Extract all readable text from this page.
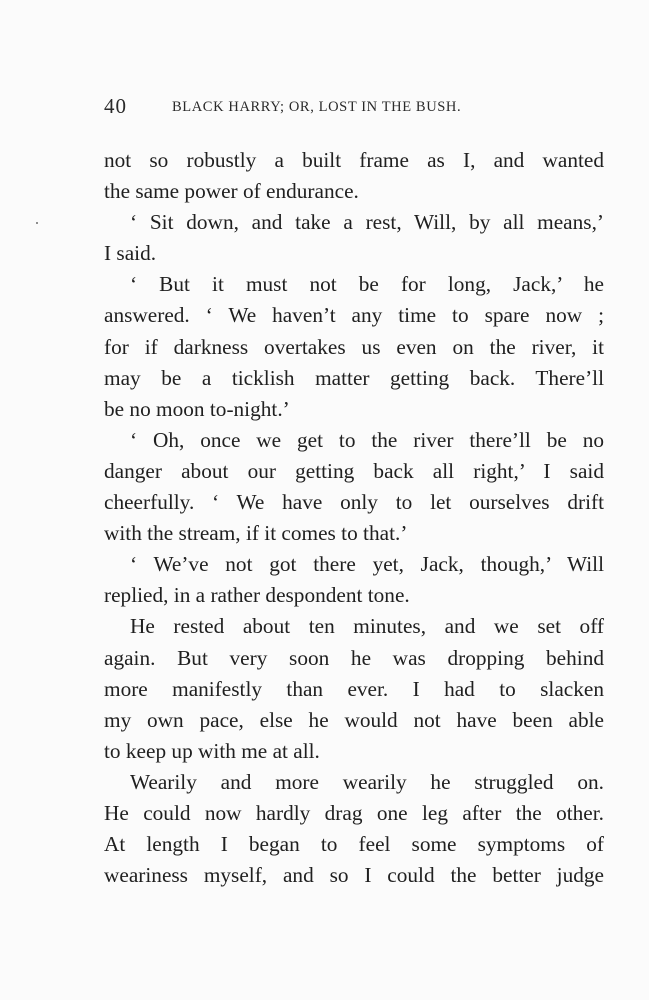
40	BLACK HARRY; OR, LOST IN THE BUSH.
not so robustly a built frame as I, and wanted
the same power of endurance.
‘ Sit down, and take a rest, Will, by all means,’
I said.
‘ But it must not be for long, Jack,’ he
answered. ‘ We haven’t any time to spare now ;
for if darkness overtakes us even on the river, it
may be a ticklish matter getting back. There’ll
be no moon to-night.’
‘ Oh, once we get to the river there’ll be no
danger about our getting back all right,’ I said
cheerfully. ‘ We have only to let ourselves drift
with the stream, if it comes to that.’
‘ We’ve not got there yet, Jack, though,’ Will
replied, in a rather despondent tone.
He rested about ten minutes, and we set off
again. But very soon he was dropping behind
more manifestly than ever. I had to slacken
my own pace, else he would not have been able
to keep up with me at all.
Wearily and more wearily he struggled on.
He could now hardly drag one leg after the other.
At length I began to feel some symptoms of
weariness myself, and so I could the better judge
